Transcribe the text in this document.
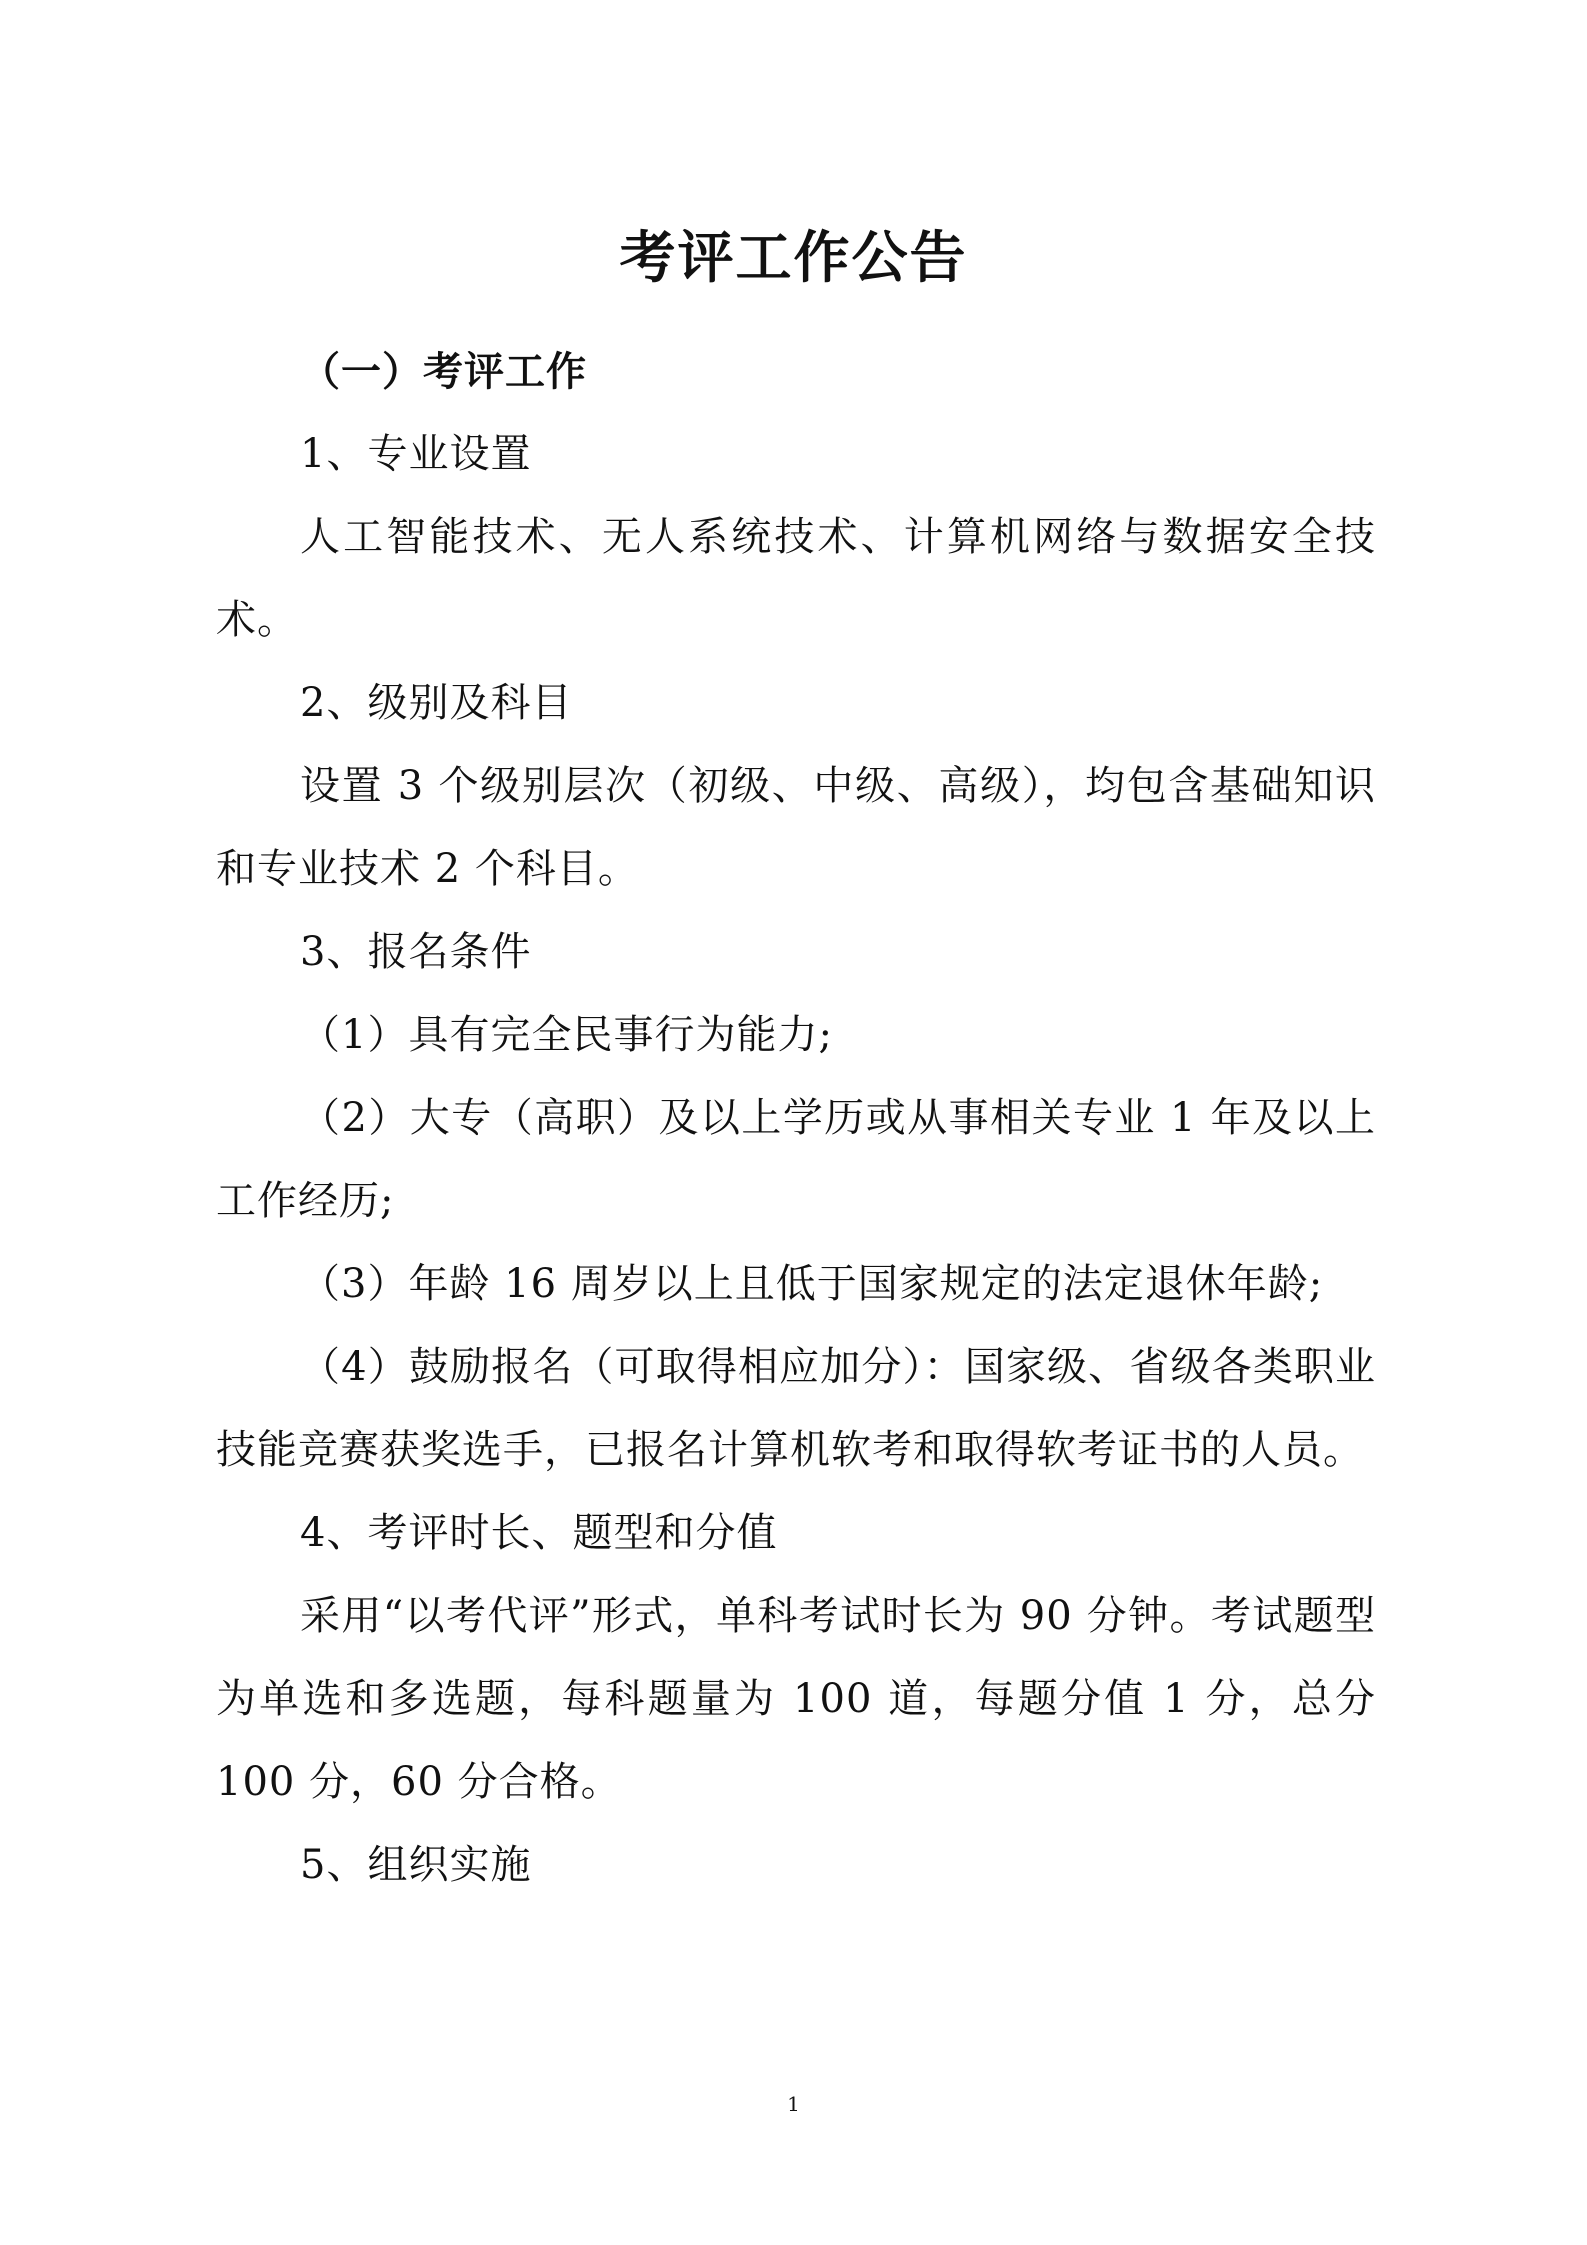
考评工作公告

（一）考评工作

1、专业设置

人工智能技术、无人系统技术、计算机网络与数据安全技术。

2、级别及科目

设置 3 个级别层次（初级、中级、高级），均包含基础知识和专业技术 2 个科目。

3、报名条件

（1）具有完全民事行为能力;

（2）大专（高职）及以上学历或从事相关专业 1 年及以上工作经历;

（3）年龄 16 周岁以上且低于国家规定的法定退休年龄;

（4）鼓励报名（可取得相应加分）：国家级、省级各类职业技能竞赛获奖选手，已报名计算机软考和取得软考证书的人员。

4、考评时长、题型和分值

采用“以考代评”形式，单科考试时长为 90 分钟。考试题型为单选和多选题，每科题量为 100 道，每题分值 1 分，总分 100 分，60 分合格。

5、组织实施

1
